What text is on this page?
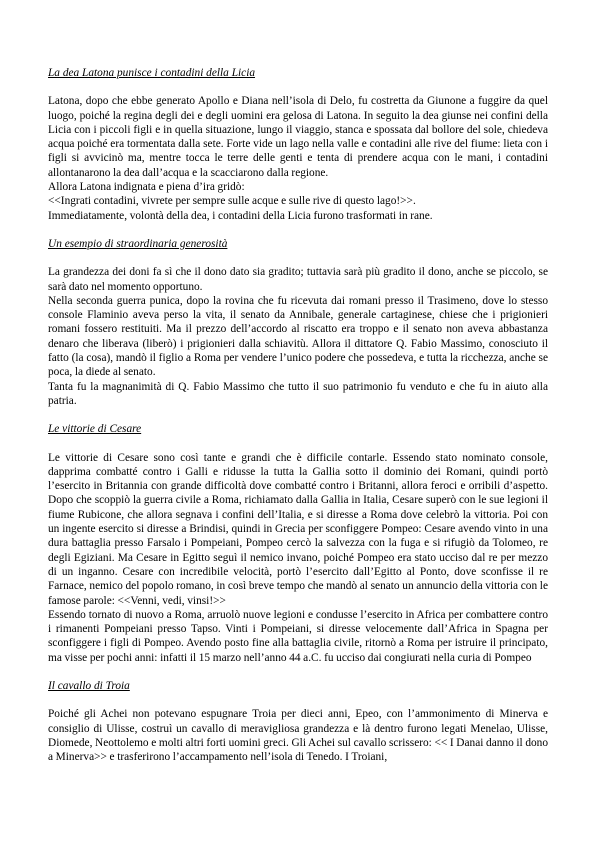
La dea Latona punisce i contadini della Licia

Latona, dopo che ebbe generato Apollo e Diana nell’isola di Delo, fu costretta da Giunone a fuggire da quel luogo, poiché la regina degli dei e degli uomini era gelosa di Latona. In seguito la dea giunse nei confini della Licia con i piccoli figli e in quella situazione, lungo il viaggio, stanca e spossata dal bollore del sole, chiedeva acqua poiché era tormentata dalla sete. Forte vide un lago nella valle e contadini alle rive del fiume: lieta con i figli si avvicinò ma, mentre tocca le terre delle genti e tenta di prendere acqua con le mani, i contadini allontanarono la dea dall’acqua e la scacciarono dalla regione.

Allora Latona indignata e piena d’ira gridò:

<<Ingrati contadini, vivrete per sempre sulle acque e sulle rive di questo lago!>>.

Immediatamente, volontà della dea, i contadini della Licia furono trasformati in rane.

Un esempio di straordinaria generosità

La grandezza dei doni fa sì che il dono dato sia gradito; tuttavia sarà più gradito il dono, anche se piccolo, se sarà dato nel momento opportuno.

Nella seconda guerra punica, dopo la rovina che fu ricevuta dai romani presso il Trasimeno, dove lo stesso console Flaminio aveva perso la vita, il senato da Annibale, generale cartaginese, chiese che i prigionieri romani fossero restituiti. Ma il prezzo dell’accordo al riscatto era troppo e il senato non aveva abbastanza denaro che liberava (liberò) i prigionieri dalla schiavitù. Allora il dittatore Q. Fabio Massimo, conosciuto il fatto (la cosa), mandò il figlio a Roma per vendere l’unico podere che possedeva, e tutta la ricchezza, anche se poca, la diede al senato.

Tanta fu la magnanimità di Q. Fabio Massimo che tutto il suo patrimonio fu venduto e che fu in aiuto alla patria.

Le vittorie di Cesare

Le vittorie di Cesare sono così tante e grandi che è difficile contarle. Essendo stato nominato console, dapprima combatté contro i Galli e ridusse la tutta la Gallia sotto il dominio dei Romani, quindi portò l’esercito in Britannia con grande difficoltà dove combatté contro i Britanni, allora feroci e orribili d’aspetto. Dopo che scoppiò la guerra civile a Roma, richiamato dalla Gallia in Italia, Cesare superò con le sue legioni il fiume Rubicone, che allora segnava i confini dell’Italia, e si diresse a Roma dove celebrò la vittoria. Poi con un ingente esercito si diresse a Brindisi, quindi in Grecia per sconfiggere Pompeo: Cesare avendo vinto in una dura battaglia presso Farsalo i Pompeiani, Pompeo cercò la salvezza con la fuga e si rifugiò da Tolomeo, re degli Egiziani. Ma Cesare in Egitto seguì il nemico invano, poiché Pompeo era stato ucciso dal re per mezzo di un inganno. Cesare con incredibile velocità, portò l’esercito dall’Egitto al Ponto, dove sconfisse il re Farnace, nemico del popolo romano, in così breve tempo che mandò al senato un annuncio della vittoria con le famose parole: <<Venni, vedi, vinsi!>>

Essendo tornato di nuovo a Roma, arruolò nuove legioni e condusse l’esercito in Africa per combattere contro i rimanenti Pompeiani presso Tapso. Vinti i Pompeiani, si diresse velocemente dall’Africa in Spagna per sconfiggere i figli di Pompeo. Avendo posto fine alla battaglia civile, ritornò a Roma per istruire il principato, ma visse per pochi anni: infatti il 15 marzo nell’anno 44 a.C. fu ucciso dai congiurati nella curia di Pompeo

Il cavallo di Troia

Poiché gli Achei non potevano espugnare Troia per dieci anni, Epeo, con l’ammonimento di Minerva e consiglio di Ulisse, costruì un cavallo di meravigliosa grandezza e là dentro furono legati Menelao, Ulisse, Diomede, Neottolemo e molti altri forti uomini greci. Gli Achei sul cavallo scrissero: << I Danai danno il dono a Minerva>> e trasferirono l’accampamento nell’isola di Tenedo. I Troiani,
